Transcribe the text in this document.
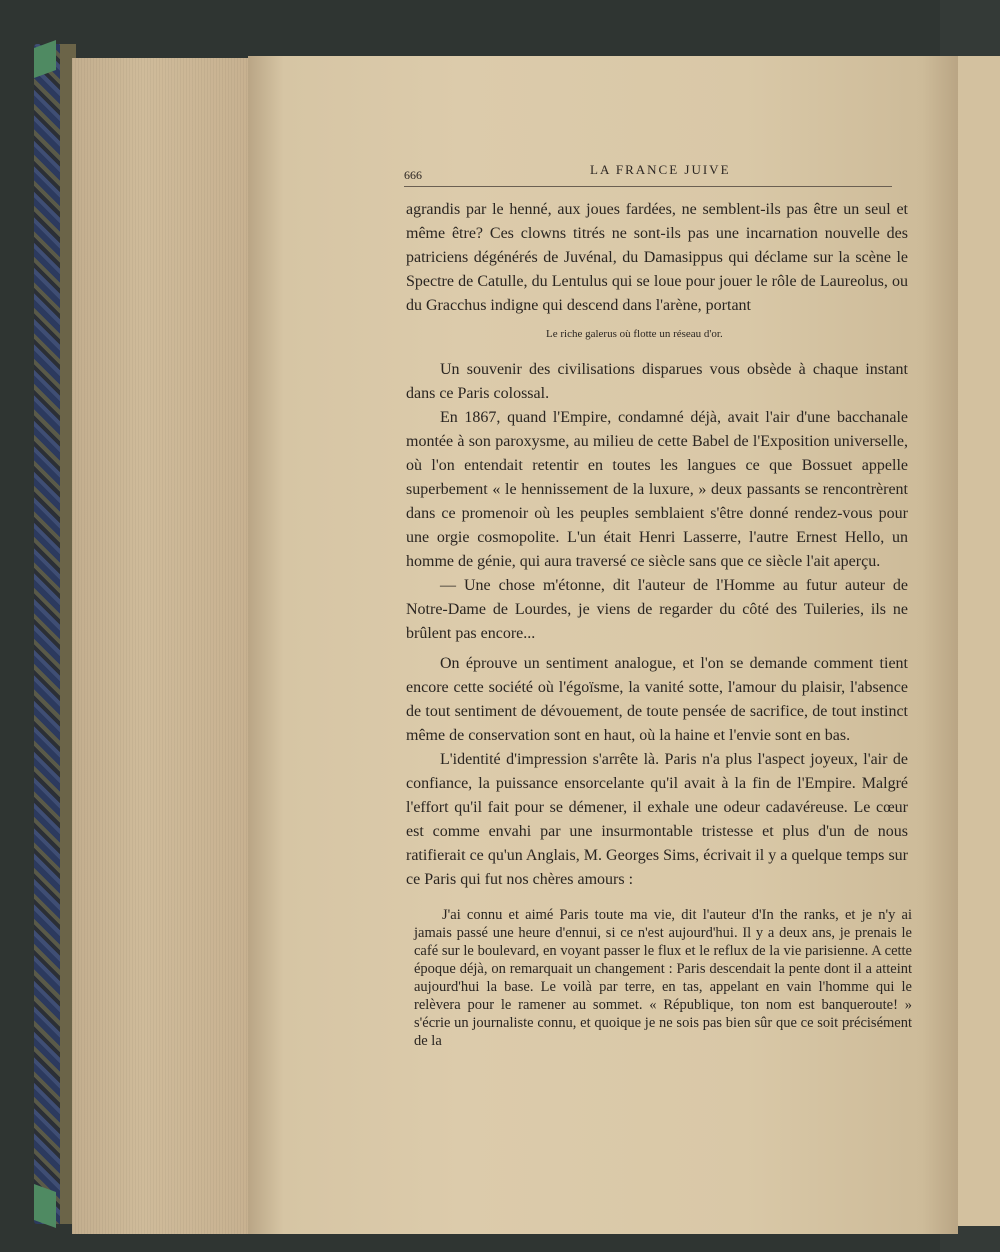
666	LA FRANCE JUIVE

agrandis par le henné, aux joues fardées, ne semblent-ils pas être un seul et même être? Ces clowns titrés ne sont-ils pas une incarnation nouvelle des patriciens dégénérés de Juvénal, du Damasippus qui déclame sur la scène le Spectre de Catulle, du Lentulus qui se loue pour jouer le rôle de Laureolus, ou du Gracchus indigne qui descend dans l'arène, portant

Le riche galerus où flotte un réseau d'or.

Un souvenir des civilisations disparues vous obsède à chaque instant dans ce Paris colossal.

En 1867, quand l'Empire, condamné déjà, avait l'air d'une bacchanale montée à son paroxysme, au milieu de cette Babel de l'Exposition universelle, où l'on entendait retentir en toutes les langues ce que Bossuet appelle superbement « le hennissement de la luxure, » deux passants se rencontrèrent dans ce promenoir où les peuples semblaient s'être donné rendez-vous pour une orgie cosmopolite. L'un était Henri Lasserre, l'autre Ernest Hello, un homme de génie, qui aura traversé ce siècle sans que ce siècle l'ait aperçu.

— Une chose m'étonne, dit l'auteur de l'Homme au futur auteur de Notre-Dame de Lourdes, je viens de regarder du côté des Tuileries, ils ne brûlent pas encore...

On éprouve un sentiment analogue, et l'on se demande comment tient encore cette société où l'égoïsme, la vanité sotte, l'amour du plaisir, l'absence de tout sentiment de dévouement, de toute pensée de sacrifice, de tout instinct même de conservation sont en haut, où la haine et l'envie sont en bas.

L'identité d'impression s'arrête là. Paris n'a plus l'aspect joyeux, l'air de confiance, la puissance ensorcelante qu'il avait à la fin de l'Empire. Malgré l'effort qu'il fait pour se démener, il exhale une odeur cadavéreuse. Le cœur est comme envahi par une insurmontable tristesse et plus d'un de nous ratifierait ce qu'un Anglais, M. Georges Sims, écrivait il y a quelque temps sur ce Paris qui fut nos chères amours :

J'ai connu et aimé Paris toute ma vie, dit l'auteur d'In the ranks, et je n'y ai jamais passé une heure d'ennui, si ce n'est aujourd'hui. Il y a deux ans, je prenais le café sur le boulevard, en voyant passer le flux et le reflux de la vie parisienne. A cette époque déjà, on remarquait un changement : Paris descendait la pente dont il a atteint aujourd'hui la base. Le voilà par terre, en tas, appelant en vain l'homme qui le relèvera pour le ramener au sommet. « République, ton nom est banqueroute! » s'écrie un journaliste connu, et quoique je ne sois pas bien sûr que ce soit précisément de la
